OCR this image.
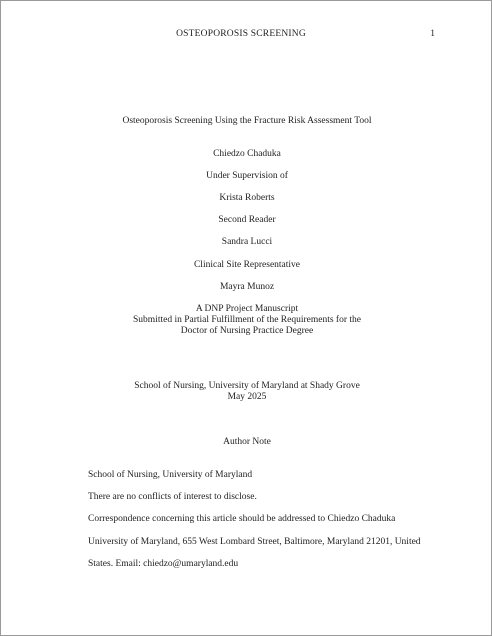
OSTEOPOROSIS SCREENING	1
Osteoporosis Screening Using the Fracture Risk Assessment Tool
Chiedzo Chaduka
Under Supervision of
Krista Roberts
Second Reader
Sandra Lucci
Clinical Site Representative
Mayra Munoz
A DNP Project Manuscript
Submitted in Partial Fulfillment of the Requirements for the
Doctor of Nursing Practice Degree
School of Nursing, University of Maryland at Shady Grove
May 2025
Author Note
School of Nursing, University of Maryland
There are no conflicts of interest to disclose.
Correspondence concerning this article should be addressed to Chiedzo Chaduka
University of Maryland, 655 West Lombard Street, Baltimore, Maryland 21201, United
States. Email: chiedzo@umaryland.edu
